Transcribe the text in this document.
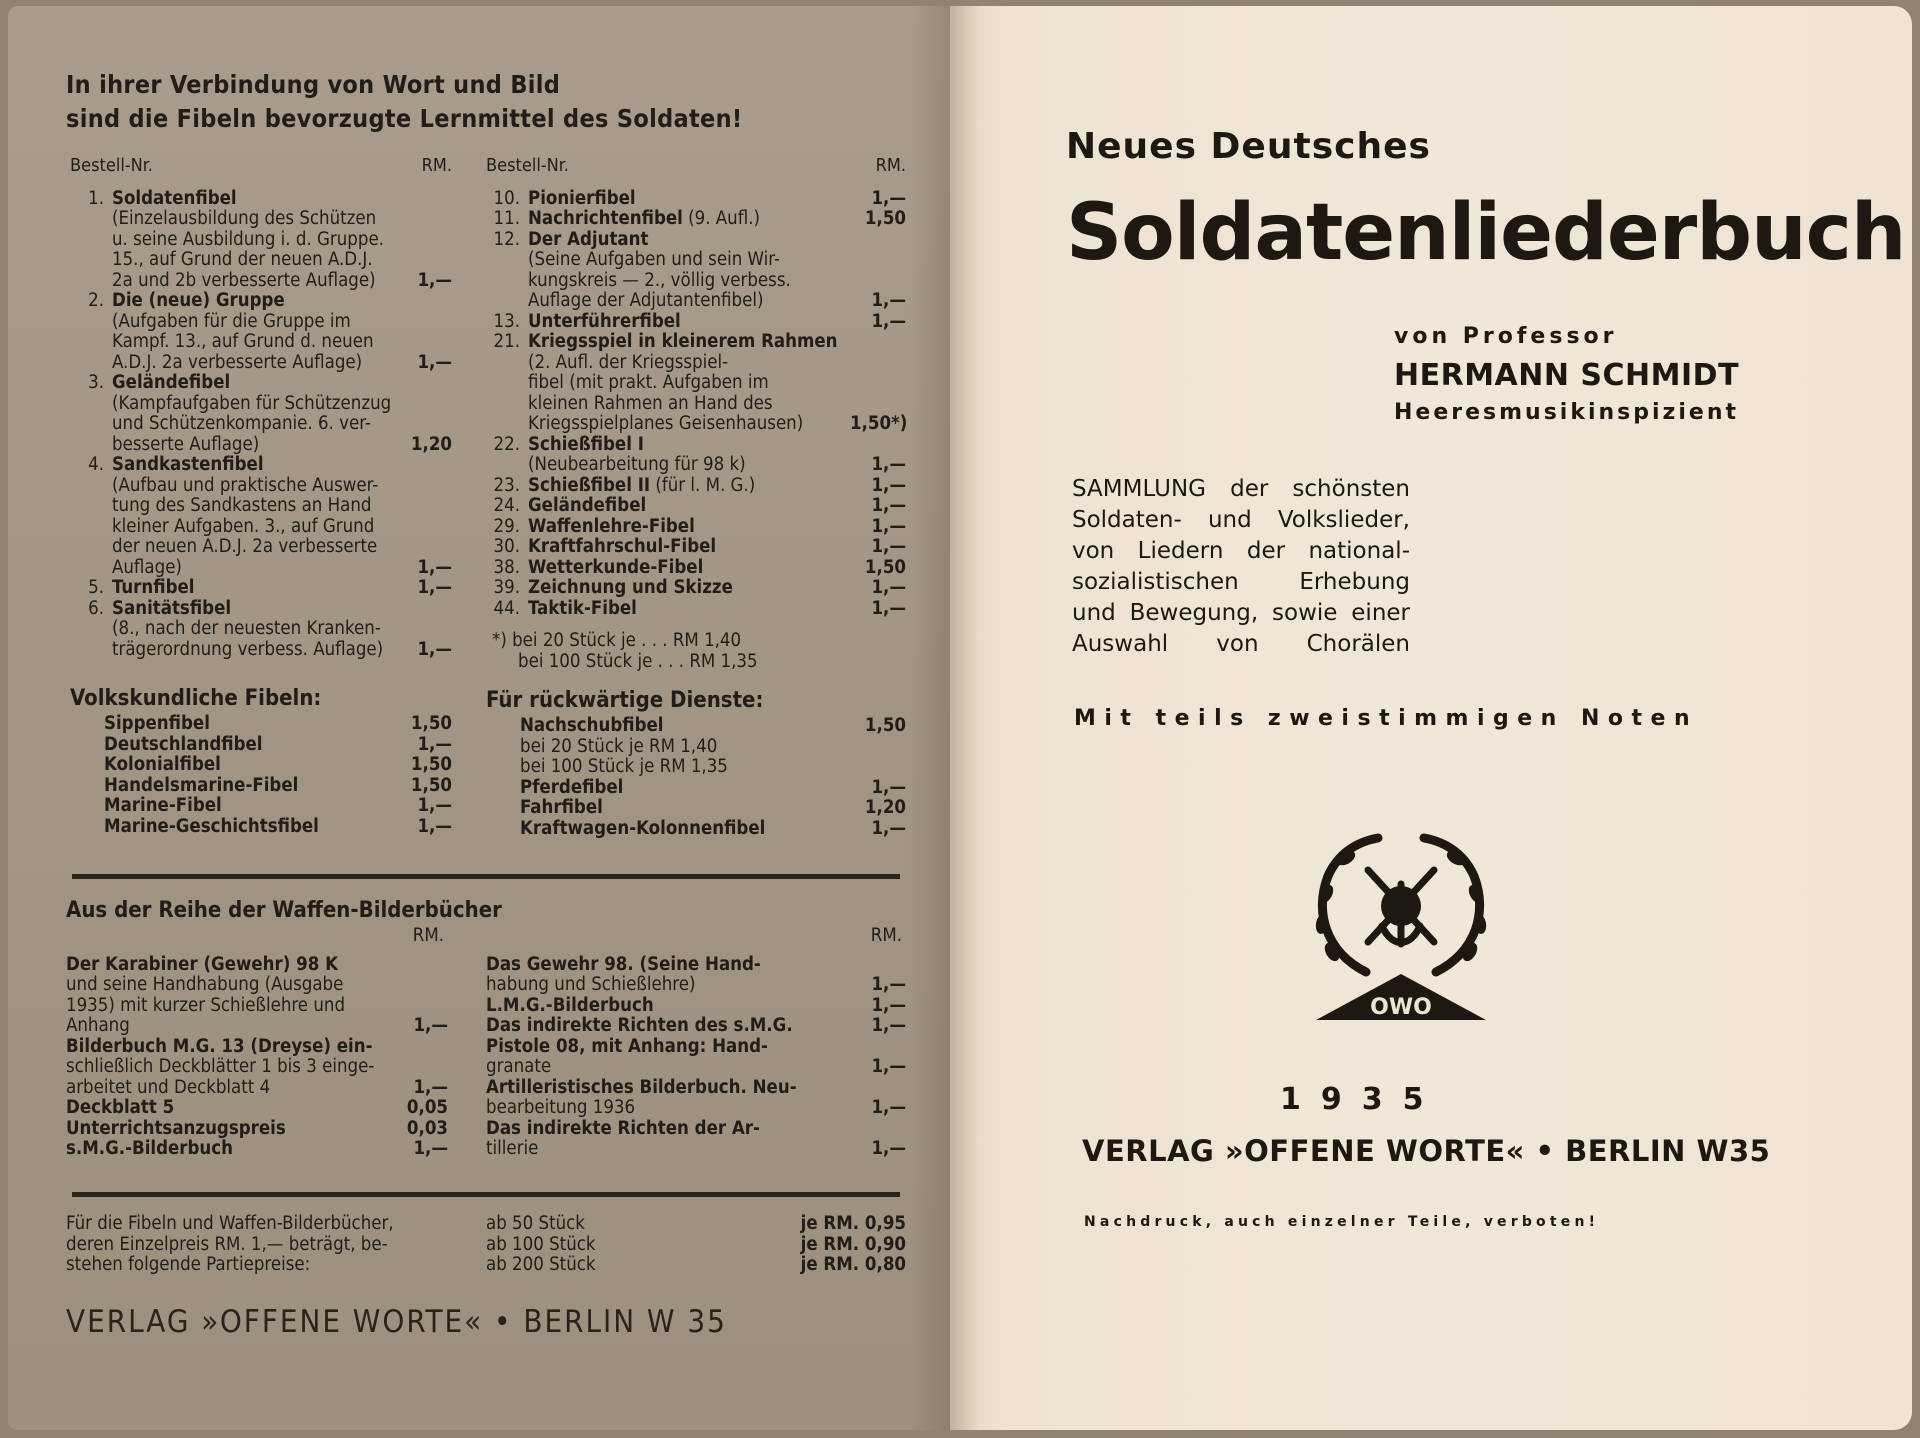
In ihrer Verbindung von Wort und Bild
sind die Fibeln bevorzugte Lernmittel des Soldaten!
Bestell-Nr.	RM.
1. Soldatenfibel
(Einzelausbildung des Schützen
u. seine Ausbildung i. d. Gruppe.
15., auf Grund der neuen A.D.J.
2a und 2b verbesserte Auflage)	1,—
2. Die (neue) Gruppe
(Aufgaben für die Gruppe im
Kampf. 13., auf Grund d. neuen
A.D.J. 2a verbesserte Auflage)	1,—
3. Geländefibel
(Kampfaufgaben für Schützenzug
und Schützenkompanie. 6. ver-
besserte Auflage)	1,20
4. Sandkastenfibel
(Aufbau und praktische Auswer-
tung des Sandkastens an Hand
kleiner Aufgaben. 3., auf Grund
der neuen A.D.J. 2a verbesserte
Auflage)	1,—
5. Turnfibel	1,—
6. Sanitätsfibel
(8., nach der neuesten Kranken-
trägerordnung verbess. Auflage)	1,—
Volkskundliche Fibeln:
Sippenfibel	1,50
Deutschlandfibel	1,—
Kolonialfibel	1,50
Handelsmarine-Fibel	1,50
Marine-Fibel	1,—
Marine-Geschichtsfibel	1,—
Bestell-Nr.	RM.
10. Pionierfibel	1,—
11. Nachrichtenfibel (9. Aufl.)	1,50
12. Der Adjutant
(Seine Aufgaben und sein Wir-
kungskreis — 2., völlig verbess.
Auflage der Adjutantenfibel)	1,—
13. Unterführerfibel	1,—
21. Kriegsspiel in kleinerem Rahmen
(2. Aufl. der Kriegsspiel-
fibel (mit prakt. Aufgaben im
kleinen Rahmen an Hand des
Kriegsspielplanes Geisenhausen)	1,50*)
22. Schießfibel I
(Neubearbeitung für 98 k)	1,—
23. Schießfibel II (für l. M. G.)	1,—
24. Geländefibel	1,—
29. Waffenlehre-Fibel	1,—
30. Kraftfahrschul-Fibel	1,—
38. Wetterkunde-Fibel	1,50
39. Zeichnung und Skizze	1,—
44. Taktik-Fibel	1,—
*) bei 20 Stück je . . . RM 1,40
bei 100 Stück je . . . RM 1,35
Für rückwärtige Dienste:
Nachschubfibel	1,50
bei 20 Stück je RM 1,40
bei 100 Stück je RM 1,35
Pferdefibel	1,—
Fahrfibel	1,20
Kraftwagen-Kolonnenfibel	1,—
Aus der Reihe der Waffen-Bilderbücher
RM.
Der Karabiner (Gewehr) 98 K
und seine Handhabung (Ausgabe
1935) mit kurzer Schießlehre und
Anhang	1,—
Bilderbuch M.G. 13 (Dreyse) ein-
schließlich Deckblätter 1 bis 3 einge-
arbeitet und Deckblatt 4	1,—
Deckblatt 5	0,05
Unterrichtsanzugspreis	0,03
s.M.G.-Bilderbuch	1,—
RM.
Das Gewehr 98. (Seine Hand-
habung und Schießlehre)	1,—
L.M.G.-Bilderbuch	1,—
Das indirekte Richten des s.M.G.	1,—
Pistole 08, mit Anhang: Hand-
granate	1,—
Artilleristisches Bilderbuch. Neu-
bearbeitung 1936	1,—
Das indirekte Richten der Ar-
tillerie	1,—
Für die Fibeln und Waffen-Bilderbücher,
deren Einzelpreis RM. 1,— beträgt, be-
stehen folgende Partiepreise:
ab 50 Stück	je RM. 0,95
ab 100 Stück	je RM. 0,90
ab 200 Stück	je RM. 0,80
VERLAG »OFFENE WORTE« • BERLIN W 35
Neues Deutsches
Soldatenliederbuch
von Professor
HERMANN SCHMIDT
Heeresmusikinspizient
SAMMLUNG der schönsten
Soldaten- und Volkslieder,
von Liedern der national-
sozialistischen Erhebung
und Bewegung, sowie einer
Auswahl von Chorälen
Mit teils zweistimmigen Noten
OWO
1935
VERLAG »OFFENE WORTE« • BERLIN W35
Nachdruck, auch einzelner Teile, verboten!
